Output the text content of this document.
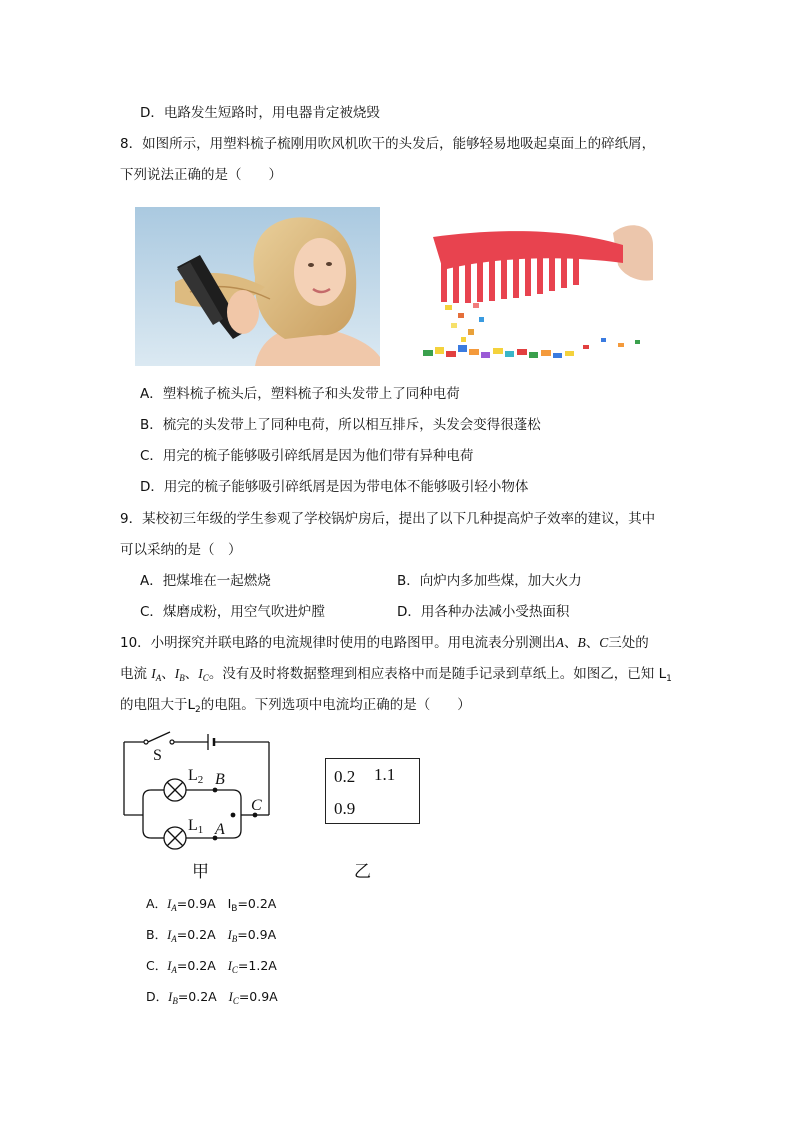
D．电路发生短路时，用电器肯定被烧毁
8．如图所示，用塑料梳子梳刚用吹风机吹干的头发后，能够轻易地吸起桌面上的碎纸屑，
下列说法正确的是（　　）
A．塑料梳子梳头后，塑料梳子和头发带上了同种电荷
B．梳完的头发带上了同种电荷，所以相互排斥，头发会变得很蓬松
C．用完的梳子能够吸引碎纸屑是因为他们带有异种电荷
D．用完的梳子能够吸引碎纸屑是因为带电体不能够吸引轻小物体
9．某校初三年级的学生参观了学校锅炉房后，提出了以下几种提高炉子效率的建议，其中
可以采纳的是（　）
A．把煤堆在一起燃烧	B．向炉内多加些煤，加大火力
C．煤磨成粉，用空气吹进炉膛	D．用各种办法减小受热面积
10．小明探究并联电路的电流规律时使用的电路图甲。用电流表分别测出A、B、C三处的
电流 $I_A$、$I_B$、$I_C$。没有及时将数据整理到相应表格中而是随手记录到草纸上。如图乙，已知 $L_1$
的电阻大于$L_2$的电阻。下列选项中电流均正确的是（　　）
S
L2 B
L1 A
C
甲
0.2 1.1
0.9
乙
A．$I_A=0.9A$ $I_B=0.2A$
B．$I_A=0.2A$ $I_B=0.9A$
C．$I_A=0.2A$ $I_C=1.2A$
D．$I_B=0.2A$ $I_C=0.9A$
